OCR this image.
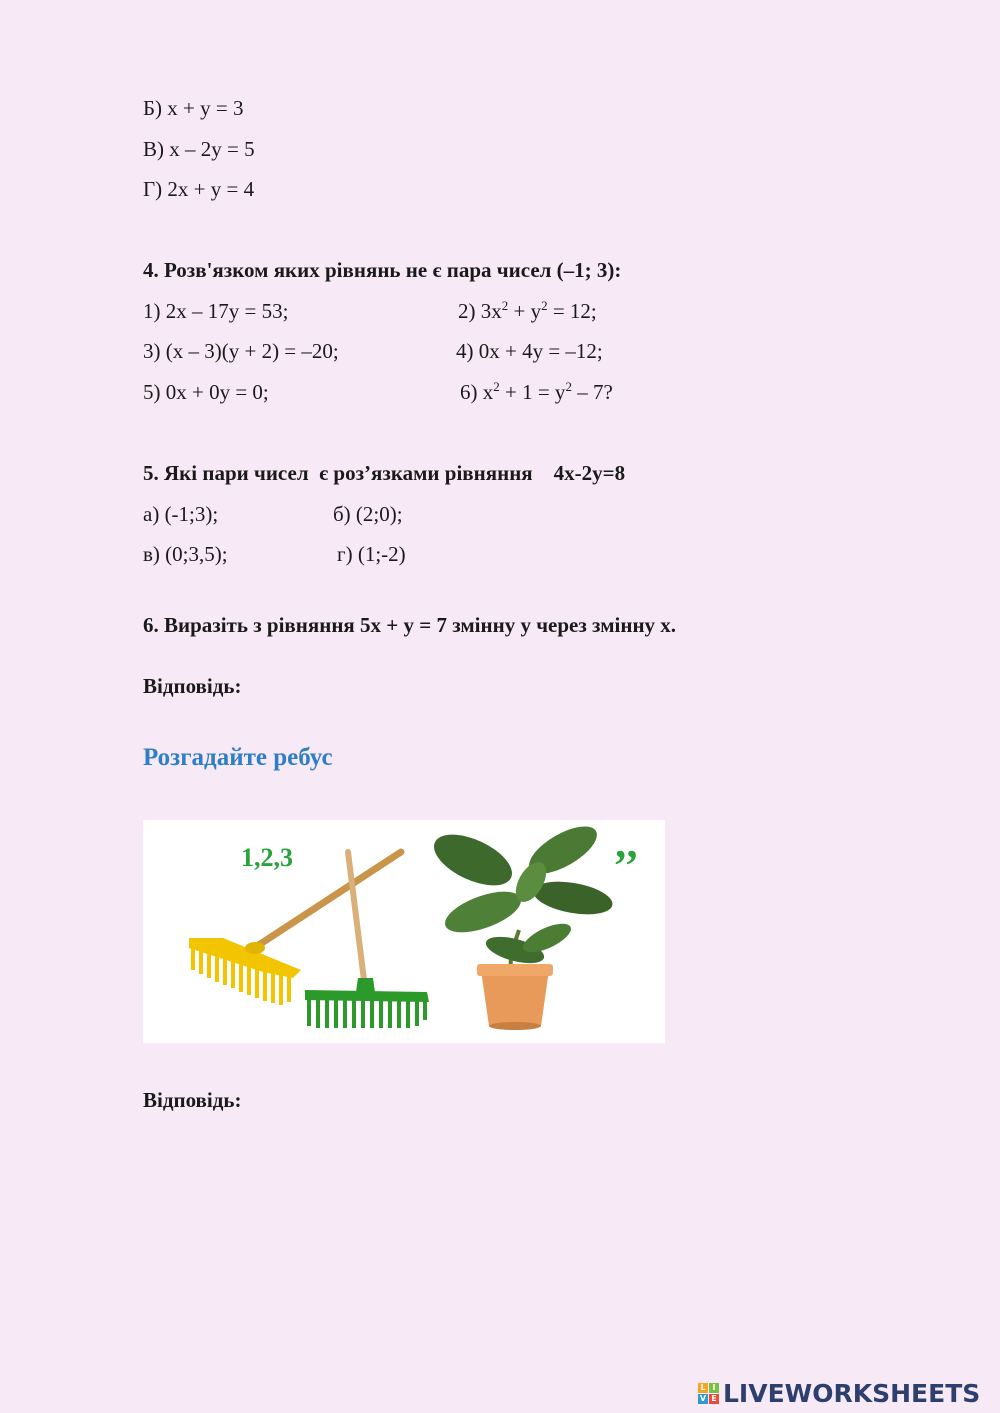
Б) x + y = 3
В) x – 2y = 5
Г) 2x + y = 4
4. Розв'язком яких рівнянь не є пара чисел (–1; 3):
1) 2x – 17y = 53;	2) $3x^2 + y^2 = 12$;
3) (x – 3)(y + 2) = –20;	4) 0x + 4y = –12;
5) 0x + 0y = 0;	6) $x^2 + 1 = y^2 - 7$?
5. Які пари чисел  є роз’язками рівняння    4x-2y=8
а) (-1;3);	б) (2;0);
в) (0;3,5);	г) (1;-2)
6. Виразіть з рівняння 5x + y = 7 змінну у через змінну х.
Відповідь:
Розгадайте ребус
1,2,3	’’
Відповідь:
L I
V E LIVEWORKSHEETS
